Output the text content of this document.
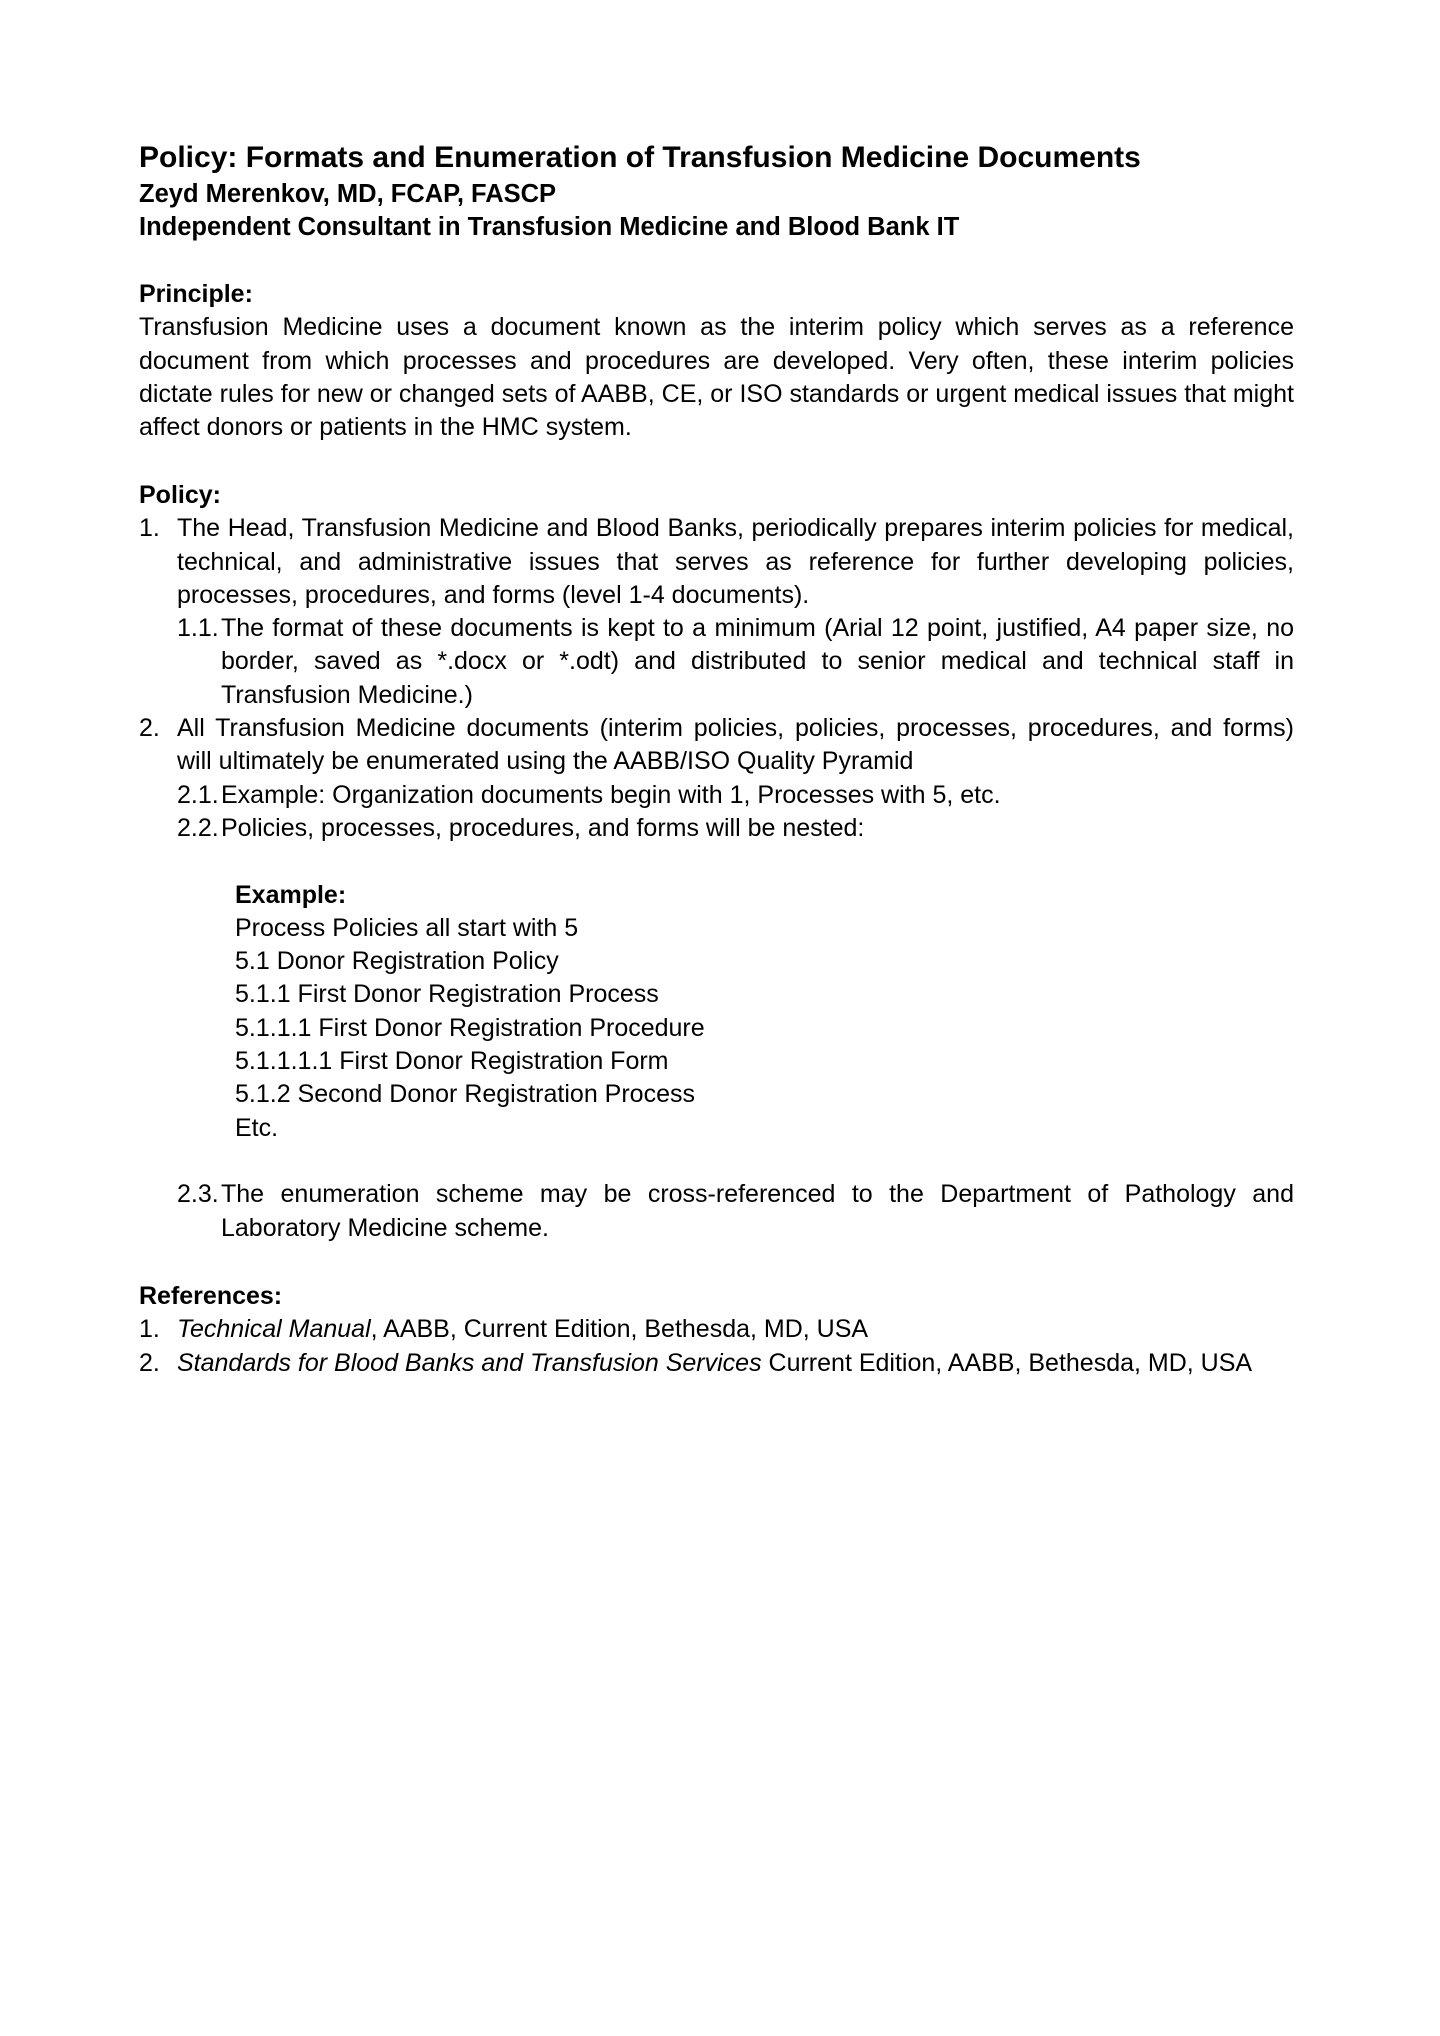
Policy: Formats and Enumeration of Transfusion Medicine Documents
Zeyd Merenkov, MD, FCAP, FASCP
Independent Consultant in Transfusion Medicine and Blood Bank IT
Principle:
Transfusion Medicine uses a document known as the interim policy which serves as a reference document from which processes and procedures are developed. Very often, these interim policies dictate rules for new or changed sets of AABB, CE, or ISO standards or urgent medical issues that might affect donors or patients in the HMC system.
Policy:
1. The Head, Transfusion Medicine and Blood Banks, periodically prepares interim policies for medical, technical, and administrative issues that serves as reference for further developing policies, processes, procedures, and forms (level 1-4 documents).
1.1. The format of these documents is kept to a minimum (Arial 12 point, justified, A4 paper size, no border, saved as *.docx or *.odt) and distributed to senior medical and technical staff in Transfusion Medicine.)
2. All Transfusion Medicine documents (interim policies, policies, processes, procedures, and forms) will ultimately be enumerated using the AABB/ISO Quality Pyramid
2.1. Example: Organization documents begin with 1, Processes with 5, etc.
2.2. Policies, processes, procedures, and forms will be nested:
Example:
Process Policies all start with 5
5.1 Donor Registration Policy
5.1.1 First Donor Registration Process
5.1.1.1 First Donor Registration Procedure
5.1.1.1.1 First Donor Registration Form
5.1.2 Second Donor Registration Process
Etc.
2.3. The enumeration scheme may be cross-referenced to the Department of Pathology and Laboratory Medicine scheme.
References:
1. Technical Manual, AABB, Current Edition, Bethesda, MD, USA
2. Standards for Blood Banks and Transfusion Services Current Edition, AABB, Bethesda, MD, USA
